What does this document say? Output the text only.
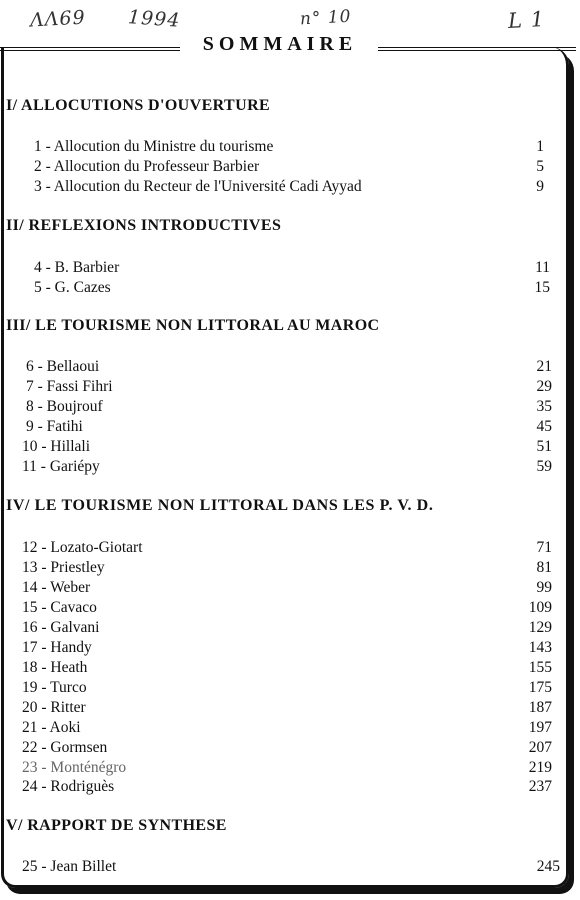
ΛΛ69 1994	n° 10	L 1
SOMMAIRE
I/ ALLOCUTIONS D'OUVERTURE
1 - Allocution du Ministre du tourisme	1
2 - Allocution du Professeur Barbier	5
3 - Allocution du Recteur de l'Université Cadi Ayyad	9
II/ REFLEXIONS INTRODUCTIVES
4 - B. Barbier	11
5 - G. Cazes	15
III/ LE TOURISME NON LITTORAL AU MAROC
6 - Bellaoui	21
7 - Fassi Fihri	29
8 - Boujrouf	35
9 - Fatihi	45
10 - Hillali	51
11 - Gariépy	59
IV/ LE TOURISME NON LITTORAL DANS LES P. V. D.
12 - Lozato-Giotart	71
13 - Priestley	81
14 - Weber	99
15 - Cavaco	109
16 - Galvani	129
17 - Handy	143
18 - Heath	155
19 - Turco	175
20 - Ritter	187
21 - Aoki	197
22 - Gormsen	207
23 - Monténégro	219
24 - Rodriguès	237
V/ RAPPORT DE SYNTHESE
25 - Jean Billet	245
